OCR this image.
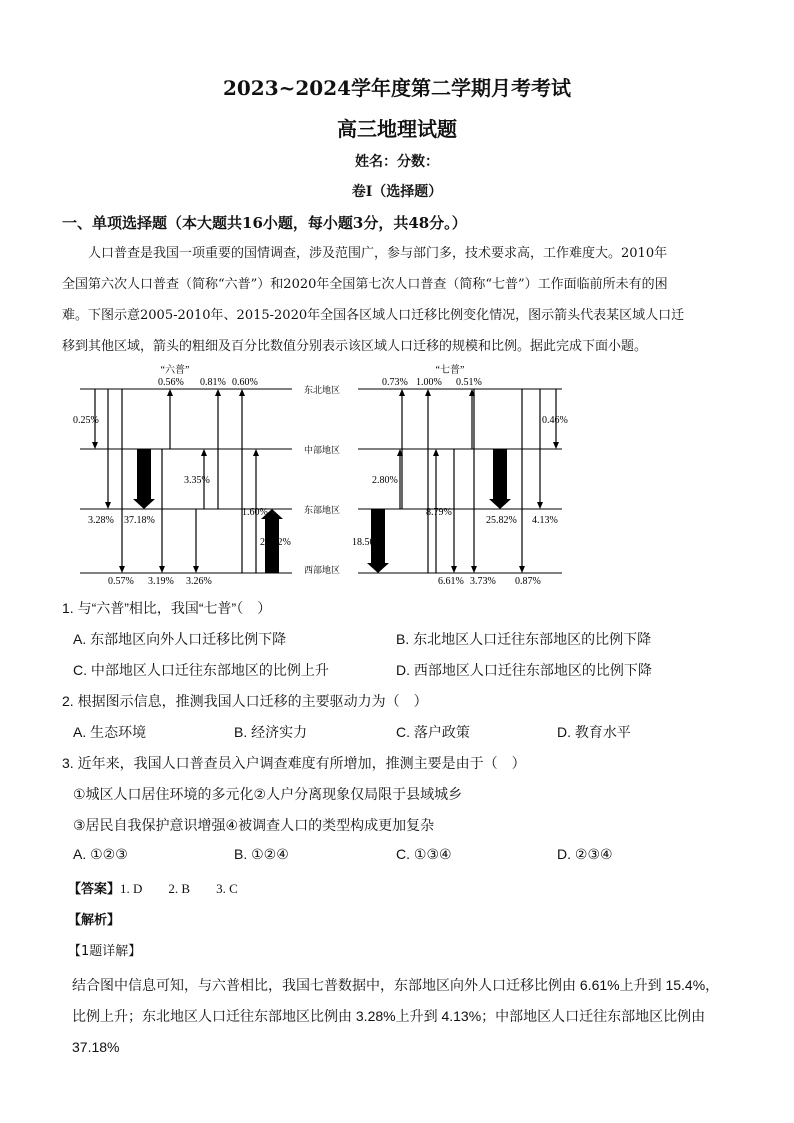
2023~2024学年度第二学期月考考试
高三地理试题
姓名：分数：
卷I（选择题）
一、单项选择题（本大题共16小题，每小题3分，共48分。）
人口普查是我国一项重要的国情调查，涉及范围广，参与部门多，技术要求高，工作难度大。2010年
全国第六次人口普查（简称“六普”）和2020年全国第七次人口普查（简称“七普”）工作面临前所未有的困
难。下图示意2005-2010年、2015-2020年全国各区域人口迁移比例变化情况，图示箭头代表某区域人口迁
移到其他区域，箭头的粗细及百分比数值分别表示该区域人口迁移的规模和比例。据此完成下面小题。
“六普”	“七普”
东北地区
中部地区
东部地区
西部地区
0.25%
3.28%
0.57%
0.56%
37.18%
3.19%
0.81%
3.35%
3.26%
0.60%
1.60%
23.62%
0.73%
2.80%
18.50%
1.00%
8.79%
0.51%
6.61% 3.73%
25.82%
0.87%
4.13%
0.46%
1. 与“六普”相比，我国“七普”（　）
A. 东部地区向外人口迁移比例下降	B. 东北地区人口迁往东部地区的比例下降
C. 中部地区人口迁往东部地区的比例上升	D. 西部地区人口迁往东部地区的比例下降
2. 根据图示信息，推测我国人口迁移的主要驱动力为（　）
A. 生态环境	B. 经济实力	C. 落户政策	D. 教育水平
3. 近年来，我国人口普查员入户调查难度有所增加，推测主要是由于（　）
①城区人口居住环境的多元化②人户分离现象仅局限于县域城乡
③居民自我保护意识增强④被调查人口的类型构成更加复杂
A. ①②③	B. ①②④	C. ①③④	D. ②③④
【答案】1. D　　2. B　　3. C
【解析】
【1题详解】
结合图中信息可知，与六普相比，我国七普数据中，东部地区向外人口迁移比例由 6.61%上升到 15.4%，
比例上升；东北地区人口迁往东部地区比例由 3.28%上升到 4.13%；中部地区人口迁往东部地区比例由 37.18%
